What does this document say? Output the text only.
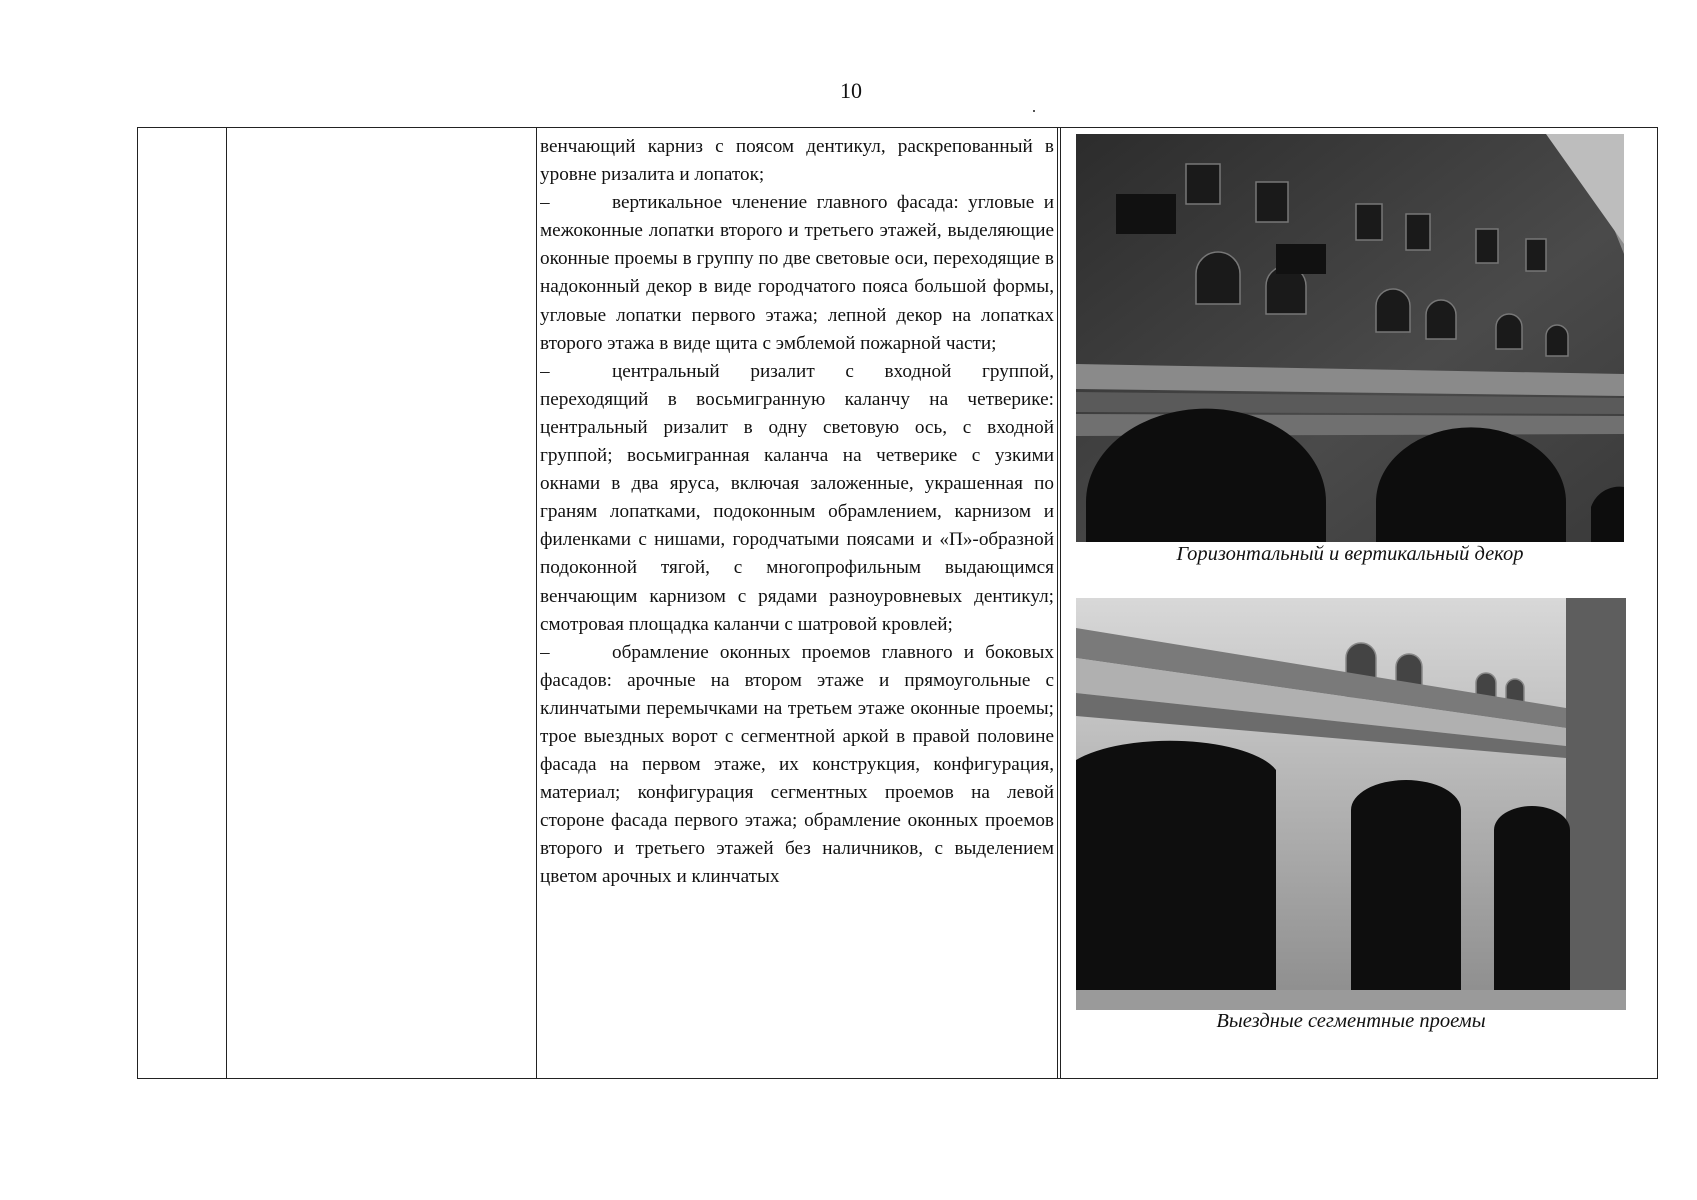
10

венчающий карниз с поясом дентикул, раскрепованный в уровне ризалита и лопаток;

–	вертикальное членение главного фасада: угловые и межоконные лопатки второго и третьего этажей, выделяющие оконные проемы в группу по две световые оси, переходящие в надоконный декор в виде городчатого пояса большой формы, угловые лопатки первого этажа; лепной декор на лопатках второго этажа в виде щита с эмблемой пожарной части;

–	центральный ризалит с входной группой, переходящий в восьмигранную каланчу на четверике: центральный ризалит в одну световую ось, с входной группой; восьмигранная каланча на четверике с узкими окнами в два яруса, включая заложенные, украшенная по граням лопатками, подоконным обрамлением, карнизом и филенками с нишами, городчатыми поясами и «П»-образной подоконной тягой, с многопрофильным выдающимся венчающим карнизом с рядами разноуровневых дентикул; смотровая площадка каланчи с шатровой кровлей;

–	обрамление оконных проемов главного и боковых фасадов: арочные на втором этаже и прямоугольные с клинчатыми перемычками на третьем этаже оконные проемы; трое выездных ворот с сегментной аркой в правой половине фасада на первом этаже, их конструкция, конфигурация, материал; конфигурация сегментных проемов на левой стороне фасада первого этажа; обрамление оконных проемов второго и третьего этажей без наличников, с выделением цветом арочных и клинчатых

Горизонтальный и вертикальный декор
Выездные сегментные проемы
